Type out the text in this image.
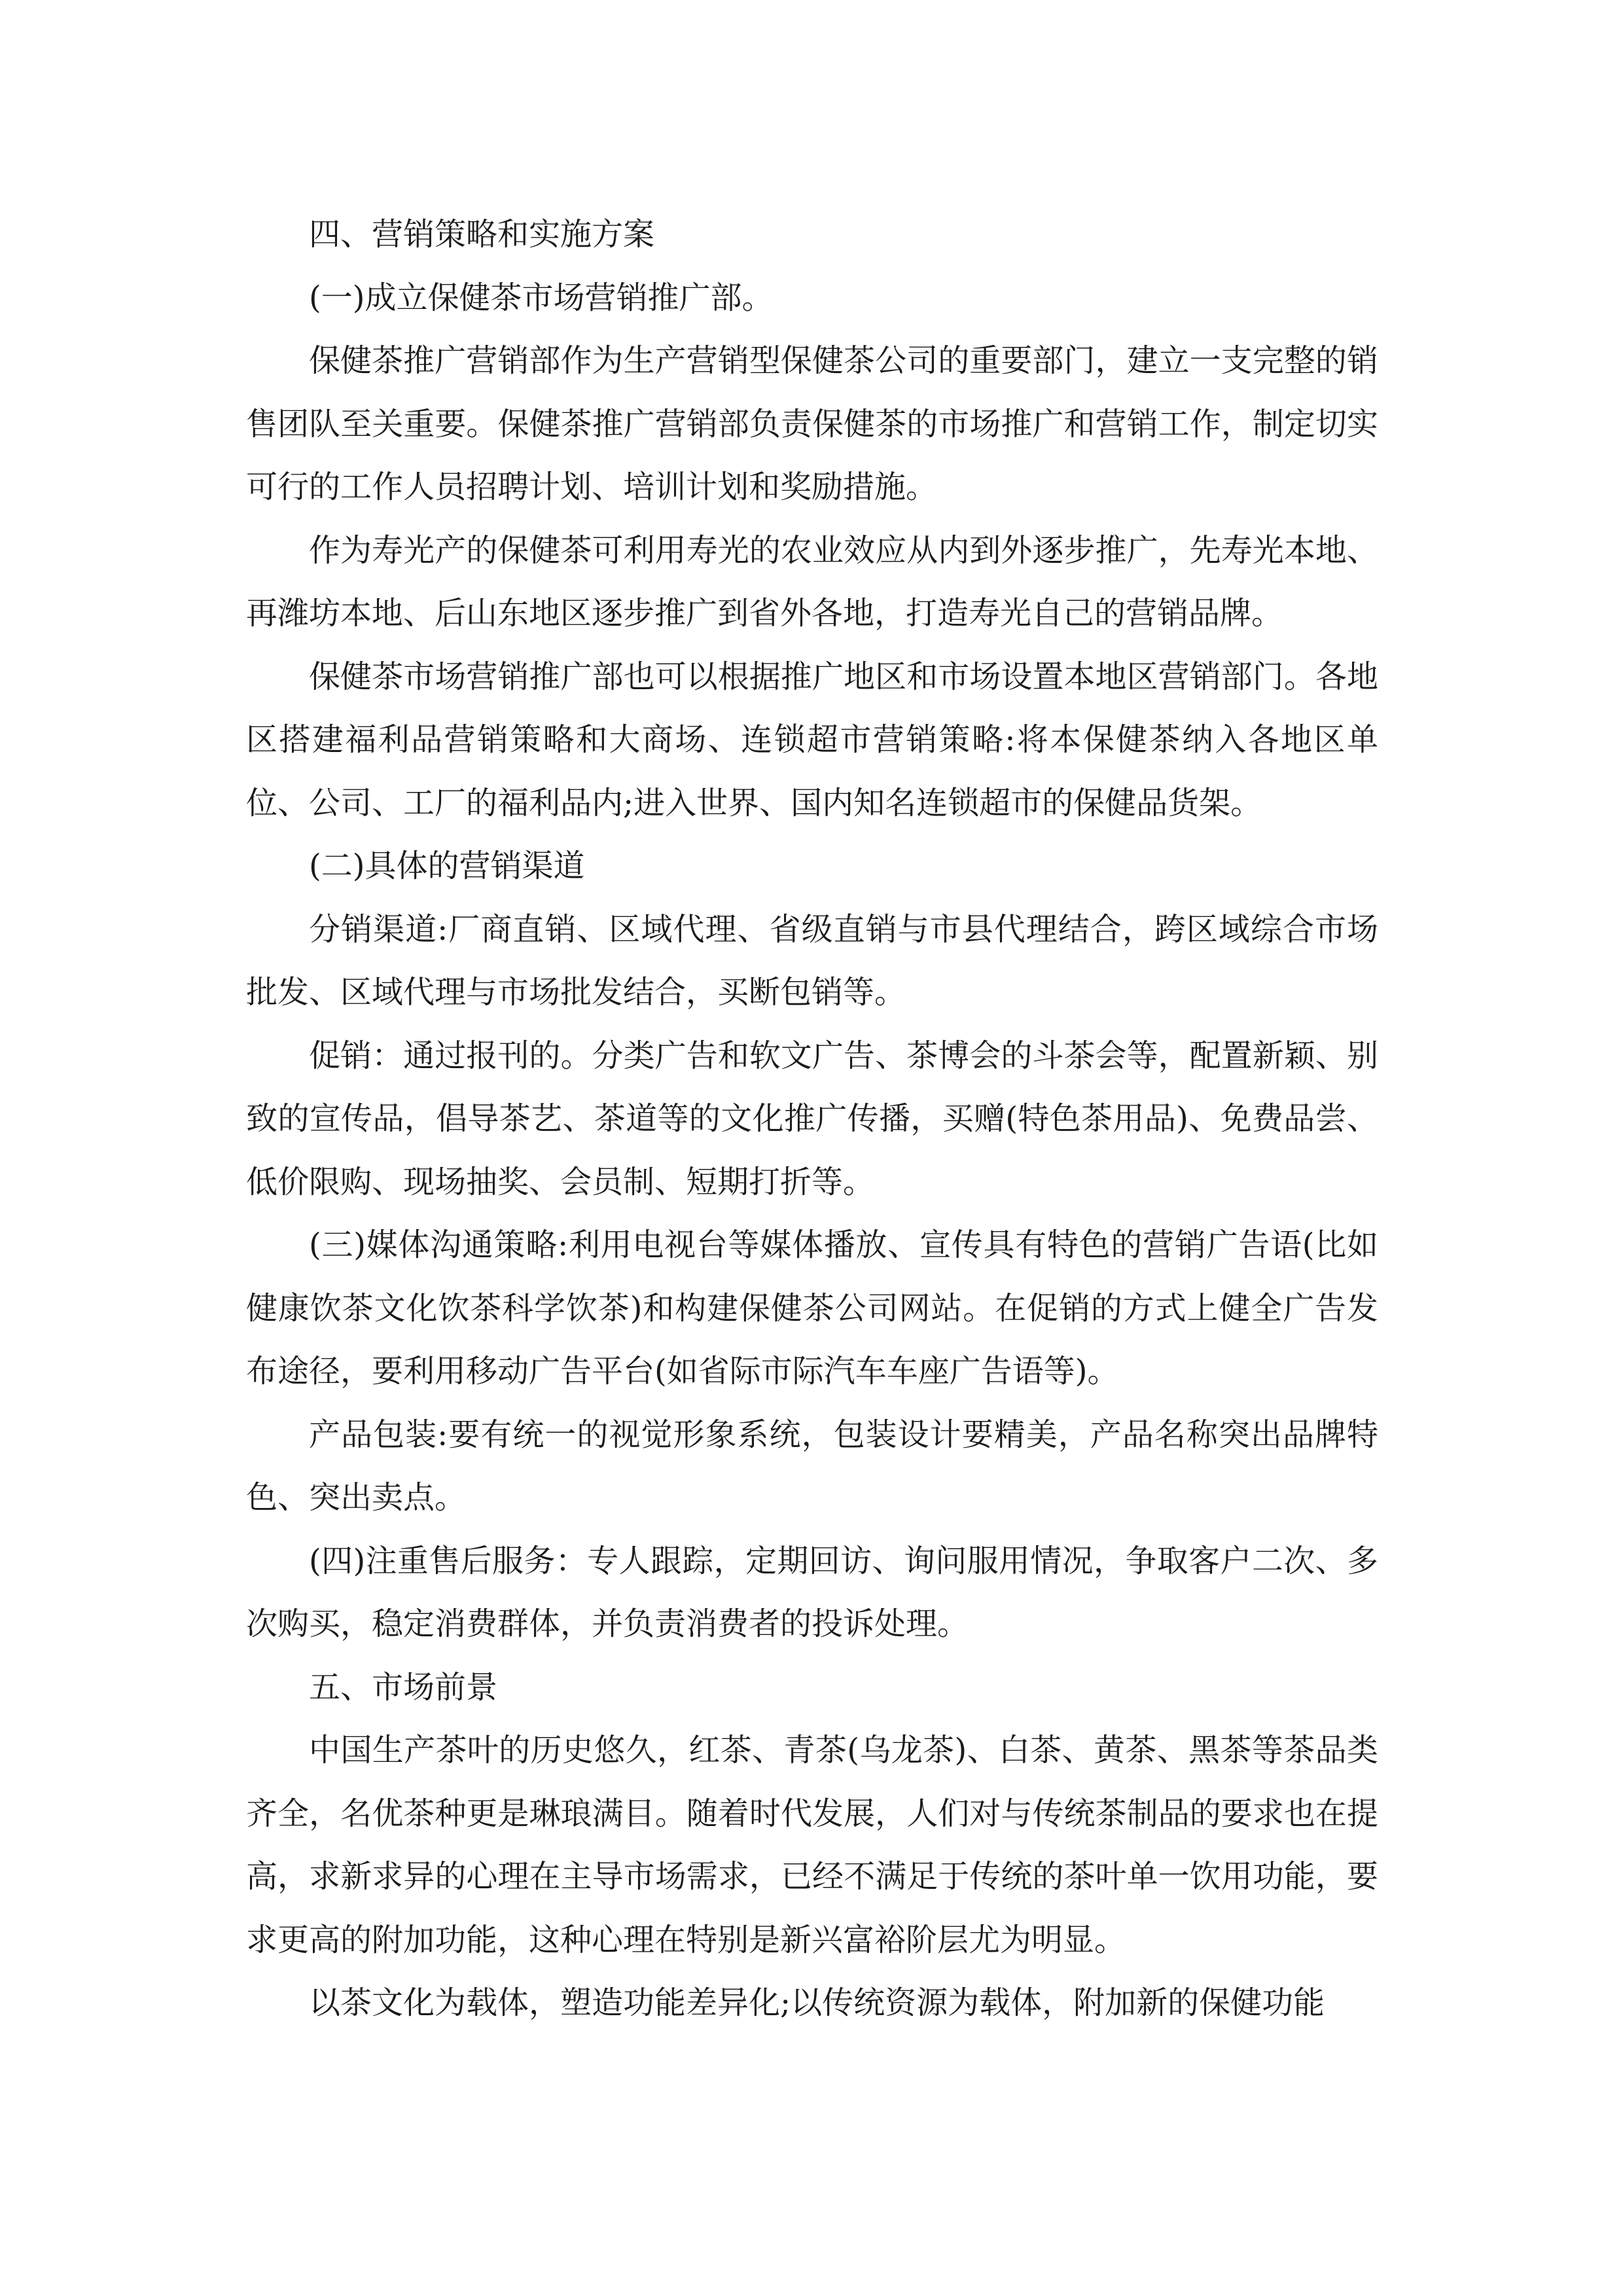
四、营销策略和实施方案

(一)成立保健茶市场营销推广部。

保健茶推广营销部作为生产营销型保健茶公司的重要部门，建立一支完整的销售团队至关重要。保健茶推广营销部负责保健茶的市场推广和营销工作，制定切实可行的工作人员招聘计划、培训计划和奖励措施。

作为寿光产的保健茶可利用寿光的农业效应从内到外逐步推广，先寿光本地、再潍坊本地、后山东地区逐步推广到省外各地，打造寿光自己的营销品牌。

保健茶市场营销推广部也可以根据推广地区和市场设置本地区营销部门。各地区搭建福利品营销策略和大商场、连锁超市营销策略:将本保健茶纳入各地区单位、公司、工厂的福利品内;进入世界、国内知名连锁超市的保健品货架。

(二)具体的营销渠道

分销渠道:厂商直销、区域代理、省级直销与市县代理结合，跨区域综合市场批发、区域代理与市场批发结合，买断包销等。

促销：通过报刊的。分类广告和软文广告、茶博会的斗茶会等，配置新颖、别致的宣传品，倡导茶艺、茶道等的文化推广传播，买赠(特色茶用品)、免费品尝、低价限购、现场抽奖、会员制、短期打折等。

(三)媒体沟通策略:利用电视台等媒体播放、宣传具有特色的营销广告语(比如健康饮茶文化饮茶科学饮茶)和构建保健茶公司网站。在促销的方式上健全广告发布途径，要利用移动广告平台(如省际市际汽车车座广告语等)。

产品包装:要有统一的视觉形象系统，包装设计要精美，产品名称突出品牌特色、突出卖点。

(四)注重售后服务：专人跟踪，定期回访、询问服用情况，争取客户二次、多次购买，稳定消费群体，并负责消费者的投诉处理。

五、市场前景

中国生产茶叶的历史悠久，红茶、青茶(乌龙茶)、白茶、黄茶、黑茶等茶品类齐全，名优茶种更是琳琅满目。随着时代发展，人们对与传统茶制品的要求也在提高，求新求异的心理在主导市场需求，已经不满足于传统的茶叶单一饮用功能，要求更高的附加功能，这种心理在特别是新兴富裕阶层尤为明显。

以茶文化为载体，塑造功能差异化;以传统资源为载体，附加新的保健功能
